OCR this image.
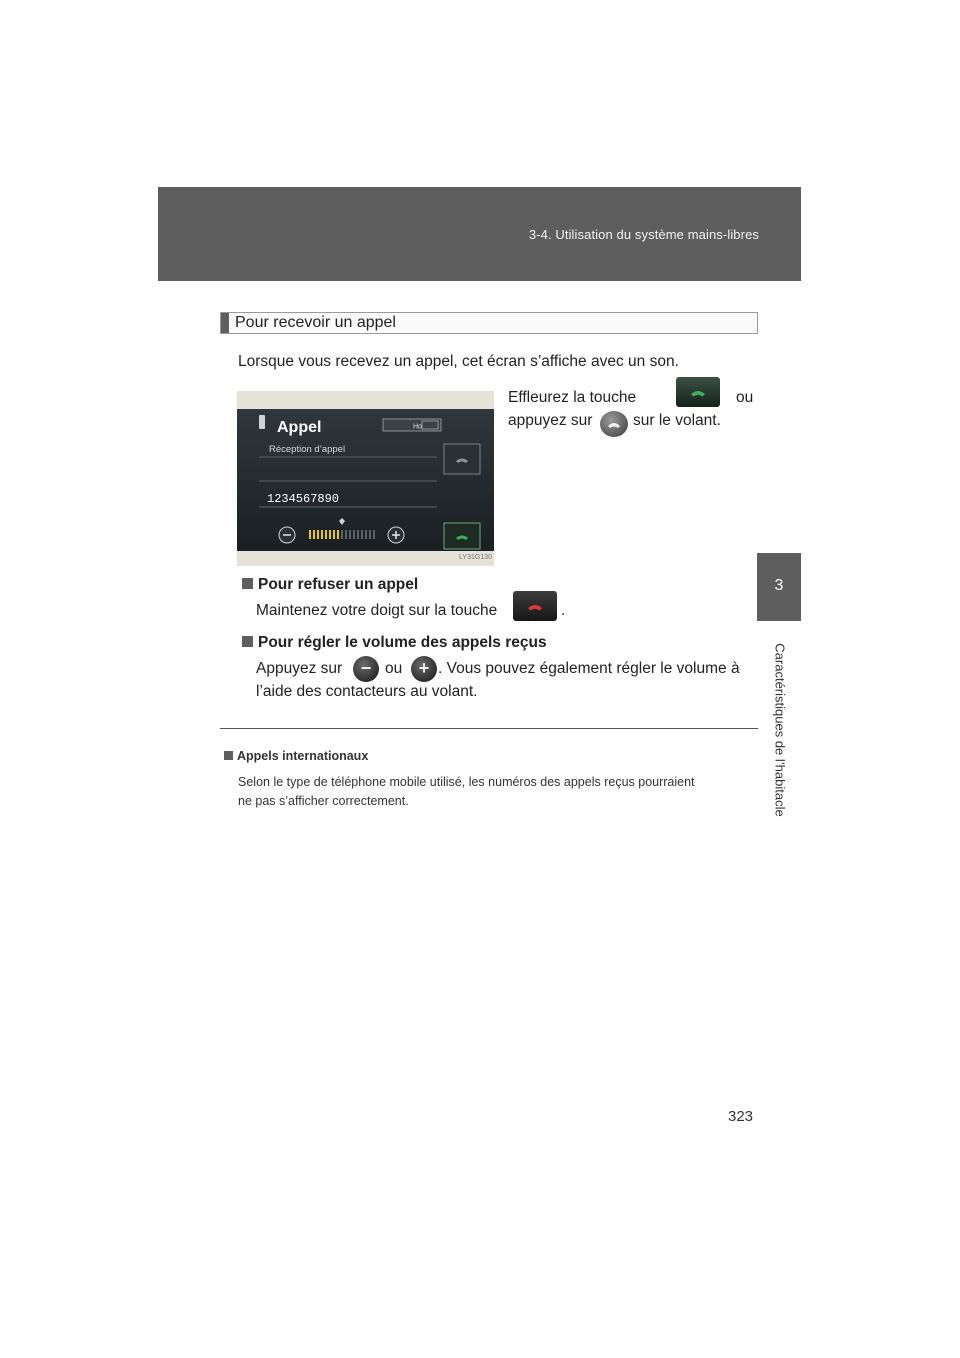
3-4. Utilisation du système mains-libres
3
Caractéristiques de l’habitacle
Pour recevoir un appel
Lorsque vous recevez un appel, cet écran s’affiche avec un son.
Appel	Ho
Réception d’appel
1234567890
LY31G130
Effleurez la touche	ou
appuyez sur	sur le volant.
Pour refuser un appel
Maintenez votre doigt sur la touche	.
Pour régler le volume des appels reçus
Appuyez sur	− ou + . Vous pouvez également régler le volume à
l’aide des contacteurs au volant.
Appels internationaux
Selon le type de téléphone mobile utilisé, les numéros des appels reçus pourraient
ne pas s’afficher correctement.
323
